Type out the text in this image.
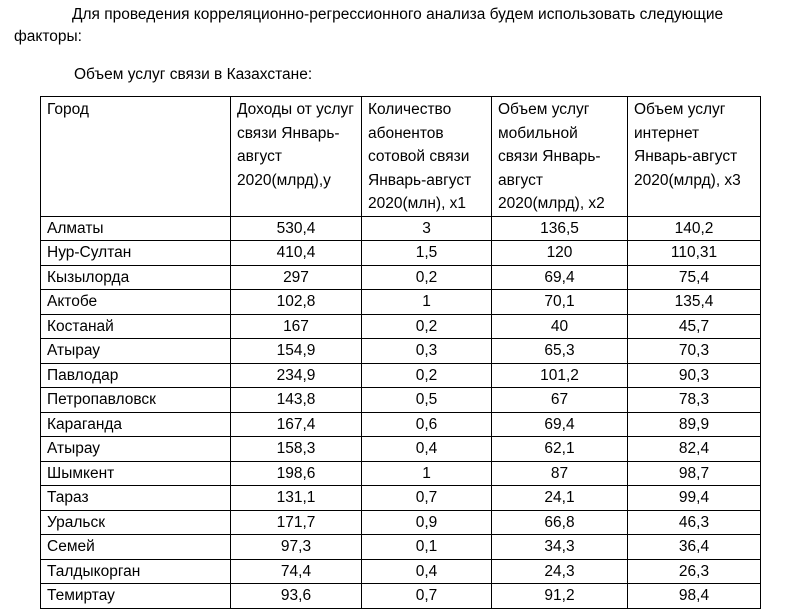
Для проведения корреляционно-регрессионного анализа будем использовать следующие факторы:

Объем услуг связи в Казахстане:

Город	Доходы от услуг связи Январь-август 2020(млрд),у	Количество абонентов сотовой связи Январь-август 2020(млн), х1	Объем услуг мобильной связи Январь-август 2020(млрд), х2	Объем услуг интернет Январь-август 2020(млрд), х3
Алматы	530,4	3	136,5	140,2
Нур-Султан	410,4	1,5	120	110,31
Кызылорда	297	0,2	69,4	75,4
Актобе	102,8	1	70,1	135,4
Костанай	167	0,2	40	45,7
Атырау	154,9	0,3	65,3	70,3
Павлодар	234,9	0,2	101,2	90,3
Петропавловск	143,8	0,5	67	78,3
Караганда	167,4	0,6	69,4	89,9
Атырау	158,3	0,4	62,1	82,4
Шымкент	198,6	1	87	98,7
Тараз	131,1	0,7	24,1	99,4
Уральск	171,7	0,9	66,8	46,3
Семей	97,3	0,1	34,3	36,4
Талдыкорган	74,4	0,4	24,3	26,3
Темиртау	93,6	0,7	91,2	98,4
